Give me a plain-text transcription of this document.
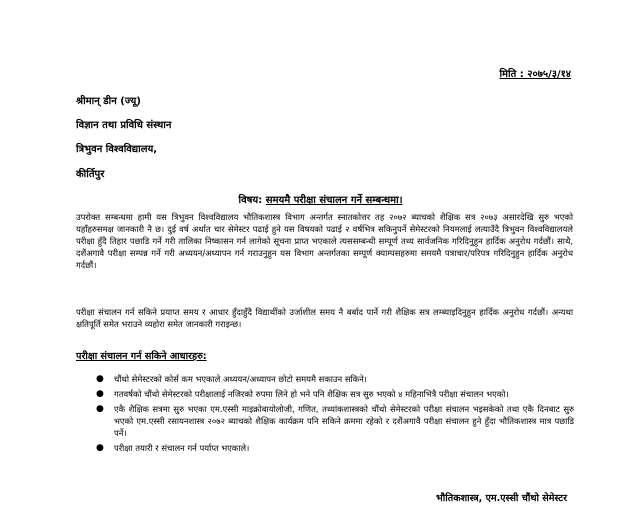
मिति : २०७५/३/१४
श्रीमान् डीन (ज्यू)
विज्ञान तथा प्रविधि संस्थान
त्रिभुवन विश्वविद्यालय,
कीर्तिपुर
विषय: समयमै परीक्षा संचालन गर्ने सम्बन्धमा।

उपरोक्त सम्बन्धमा हामी यस त्रिभुवन विश्वविद्यालय भौतिकशास्त्र विभाग अन्तर्गत स्नातकोत्तर तह २०७२ ब्याचको शैक्षिक सत्र २०७३ असारदेखि सुरु भएको यहाँहरुसमक्ष जानकारी नै छ। दुई वर्ष अर्थात चार सेमेस्टर पढाई हुने यस विषयको पढाई २ वर्षभित्र सकिनुपर्ने सेमेस्टरको नियमलाई लत्याउँदै त्रिभुवन विश्वविद्यालयले परीक्षा हुँदै तिहार पछाडि गर्ने गरी तालिका निष्कासन गर्न लागेको सूचना प्राप्त भएकाले त्यससम्बन्धी सम्पूर्ण तथ्य सार्वजनिक गरिदिनुहुन हार्दिक अनुरोध गर्दछौं। साथै, दशैंअगावै परीक्षा सम्पन्न गर्ने गरी अध्ययन/अध्यापन गर्न गराउनुहुन यस विभाग अन्तर्गतका सम्पूर्ण क्याम्पसहरुमा समयमै पत्राचार/परिपत्र गरिदिनुहुन हार्दिक अनुरोध गर्दछौं।

परीक्षा संचालन गर्न सकिने प्रयाप्त समय र आधार हुँदाहुँदै विद्यार्थीको उर्जाशील समय नै बर्बाद पार्ने गरी शैक्षिक सत्र लम्ब्याइदिनुहुन हार्दिक अनुरोध गर्दछौं। अन्यथा क्षतिपूर्ति समेत भराउने व्यहोरा समेत जानकारी गराइन्छ।

परीक्षा संचालन गर्न सकिने आधारहरु:
● चौंथो सेमेस्टरको कोर्स कम भएकाले अध्ययन/अध्यापन छोटो समयमै सकाउन सकिने।
● गतवर्षको चौंथो सेमेस्टरको परीक्षालाई नजिरको रुपमा लिने हो भने पनि शैक्षिक सत्र सुरु भएको ४ महिनाभित्रै परीक्षा संचालन भएको।
● एकै शैक्षिक सत्रमा सुरु भएका एम.एस्सी माइक्रोबायोलोजी, गणित, तथ्यांकशास्त्रको चौंथो सेमेस्टरको परीक्षा संचालन भइसकेको तथा एकै दिनबाट सुरु भएको एम.एस्सी रसायनशास्त्र २०७२ ब्याचको शैक्षिक कार्यक्रम पनि सकिने क्रममा रहेको र दशैंअगावै परीक्षा संचालन हुने हुँदा भौतिकशास्त्र मात्र पछाडि पर्ने।
● परीक्षा तयारी र संचालन गर्न पर्याप्त भएकाले।
भौतिकशास्त्र, एम.एस्सी चौंथो सेमेस्टर
